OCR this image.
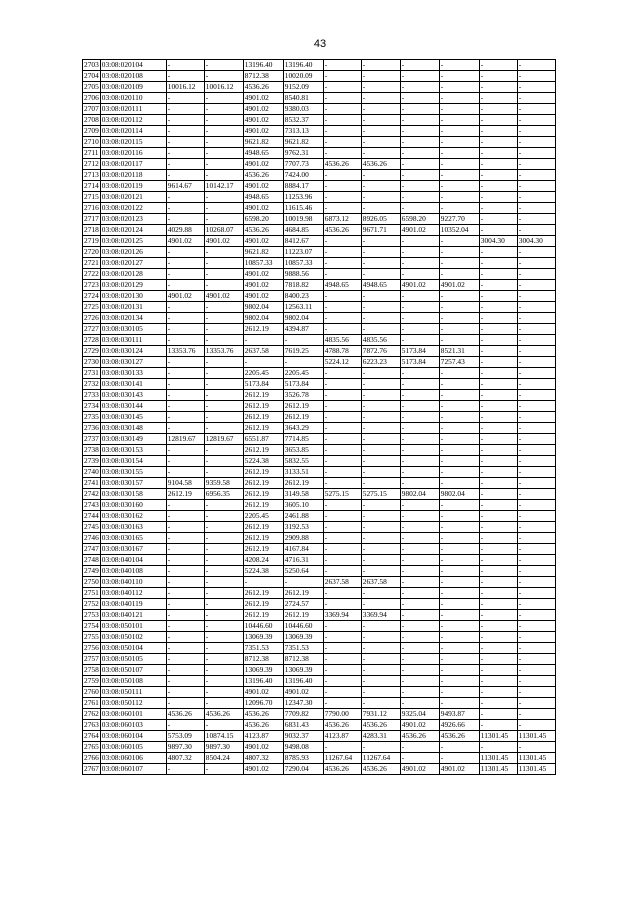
43
2703	03:08:020104	-	-	13196.40	13196.40	-	-	-	-	-	-
2704	03:08:020108	-	-	8712.38	10020.09	-	-	-	-	-	-
2705	03:08:020109	10016.12	10016.12	4536.26	9152.09	-	-	-	-	-	-
2706	03:08:020110	-	-	4901.02	8540.81	-	-	-	-	-	-
2707	03:08:020111	-	-	4901.02	9380.03	-	-	-	-	-	-
2708	03:08:020112	-	-	4901.02	8532.37	-	-	-	-	-	-
2709	03:08:020114	-	-	4901.02	7313.13	-	-	-	-	-	-
2710	03:08:020115	-	-	9621.82	9621.82	-	-	-	-	-	-
2711	03:08:020116	-	-	4948.65	9762.31	-	-	-	-	-	-
2712	03:08:020117	-	-	4901.02	7707.73	4536.26	4536.26	-	-	-	-
2713	03:08:020118	-	-	4536.26	7424.00	-	-	-	-	-	-
2714	03:08:020119	9614.67	10142.17	4901.02	8884.17	-	-	-	-	-	-
2715	03:08:020121	-	-	4948.65	11253.96	-	-	-	-	-	-
2716	03:08:020122	-	-	4901.02	11615.46	-	-	-	-	-	-
2717	03:08:020123	-	-	6598.20	10019.98	6873.12	8926.05	6598.20	9227.70	-	-
2718	03:08:020124	4029.88	10268.07	4536.26	4684.85	4536.26	9671.71	4901.02	10352.04	-	-
2719	03:08:020125	4901.02	4901.02	4901.02	8412.67	-	-	-	-	3004.30	3004.30
2720	03:08:020126	-	-	9621.82	11223.07	-	-	-	-	-	-
2721	03:08:020127	-	-	10857.33	10857.33	-	-	-	-	-	-
2722	03:08:020128	-	-	4901.02	9888.56	-	-	-	-	-	-
2723	03:08:020129	-	-	4901.02	7818.82	4948.65	4948.65	4901.02	4901.02	-	-
2724	03:08:020130	4901.02	4901.02	4901.02	8400.23	-	-	-	-	-	-
2725	03:08:020131	-	-	9802.04	12563.11	-	-	-	-	-	-
2726	03:08:020134	-	-	9802.04	9802.04	-	-	-	-	-	-
2727	03:08:030105	-	-	2612.19	4394.87	-	-	-	-	-	-
2728	03:08:030111	-	-	-	-	4835.56	4835.56	-	-	-	-
2729	03:08:030124	13353.76	13353.76	2637.58	7619.25	4788.78	7872.76	5173.84	8521.31	-	-
2730	03:08:030127	-	-	-	-	5224.12	6223.23	5173.84	7257.43	-	-
2731	03:08:030133	-	-	2205.45	2205.45	-	-	-	-	-	-
2732	03:08:030141	-	-	5173.84	5173.84	-	-	-	-	-	-
2733	03:08:030143	-	-	2612.19	3526.78	-	-	-	-	-	-
2734	03:08:030144	-	-	2612.19	2612.19	-	-	-	-	-	-
2735	03:08:030145	-	-	2612.19	2612.19	-	-	-	-	-	-
2736	03:08:030148	-	-	2612.19	3643.29	-	-	-	-	-	-
2737	03:08:030149	12819.67	12819.67	6551.87	7714.85	-	-	-	-	-	-
2738	03:08:030153	-	-	2612.19	3653.85	-	-	-	-	-	-
2739	03:08:030154	-	-	5224.38	5832.55	-	-	-	-	-	-
2740	03:08:030155	-	-	2612.19	3133.51	-	-	-	-	-	-
2741	03:08:030157	9104.58	9359.58	2612.19	2612.19	-	-	-	-	-	-
2742	03:08:030158	2612.19	6956.35	2612.19	3149.58	5275.15	5275.15	9802.04	9802.04	-	-
2743	03:08:030160	-	-	2612.19	3605.10	-	-	-	-	-	-
2744	03:08:030162	-	-	2205.45	2461.88	-	-	-	-	-	-
2745	03:08:030163	-	-	2612.19	3192.53	-	-	-	-	-	-
2746	03:08:030165	-	-	2612.19	2909.88	-	-	-	-	-	-
2747	03:08:030167	-	-	2612.19	4167.84	-	-	-	-	-	-
2748	03:08:040104	-	-	4208.24	4716.31	-	-	-	-	-	-
2749	03:08:040108	-	-	5224.38	5250.64	-	-	-	-	-	-
2750	03:08:040110	-	-	-	-	2637.58	2637.58	-	-	-	-
2751	03:08:040112	-	-	2612.19	2612.19	-	-	-	-	-	-
2752	03:08:040119	-	-	2612.19	2724.57	-	-	-	-	-	-
2753	03:08:040121	-	-	2612.19	2612.19	3369.94	3369.94	-	-	-	-
2754	03:08:050101	-	-	10446.60	10446.60	-	-	-	-	-	-
2755	03:08:050102	-	-	13069.39	13069.39	-	-	-	-	-	-
2756	03:08:050104	-	-	7351.53	7351.53	-	-	-	-	-	-
2757	03:08:050105	-	-	8712.38	8712.38	-	-	-	-	-	-
2758	03:08:050107	-	-	13069.39	13069.39	-	-	-	-	-	-
2759	03:08:050108	-	-	13196.40	13196.40	-	-	-	-	-	-
2760	03:08:050111	-	-	4901.02	4901.02	-	-	-	-	-	-
2761	03:08:050112	-	-	12096.70	12347.30	-	-	-	-	-	-
2762	03:08:060101	4536.26	4536.26	4536.26	7709.82	7790.00	7931.12	9325.04	9493.87	-	-
2763	03:08:060103	-	-	4536.26	6831.43	4536.26	4536.26	4901.02	4926.66	-	-
2764	03:08:060104	5753.09	10874.15	4123.87	9032.37	4123.87	4283.31	4536.26	4536.26	11301.45	11301.45
2765	03:08:060105	9897.30	9897.30	4901.02	9498.08	-	-	-	-	-	-
2766	03:08:060106	4807.32	8504.24	4807.32	8785.93	11267.64	11267.64	-	-	11301.45	11301.45
2767	03:08:060107	-	-	4901.02	7290.04	4536.26	4536.26	4901.02	4901.02	11301.45	11301.45
